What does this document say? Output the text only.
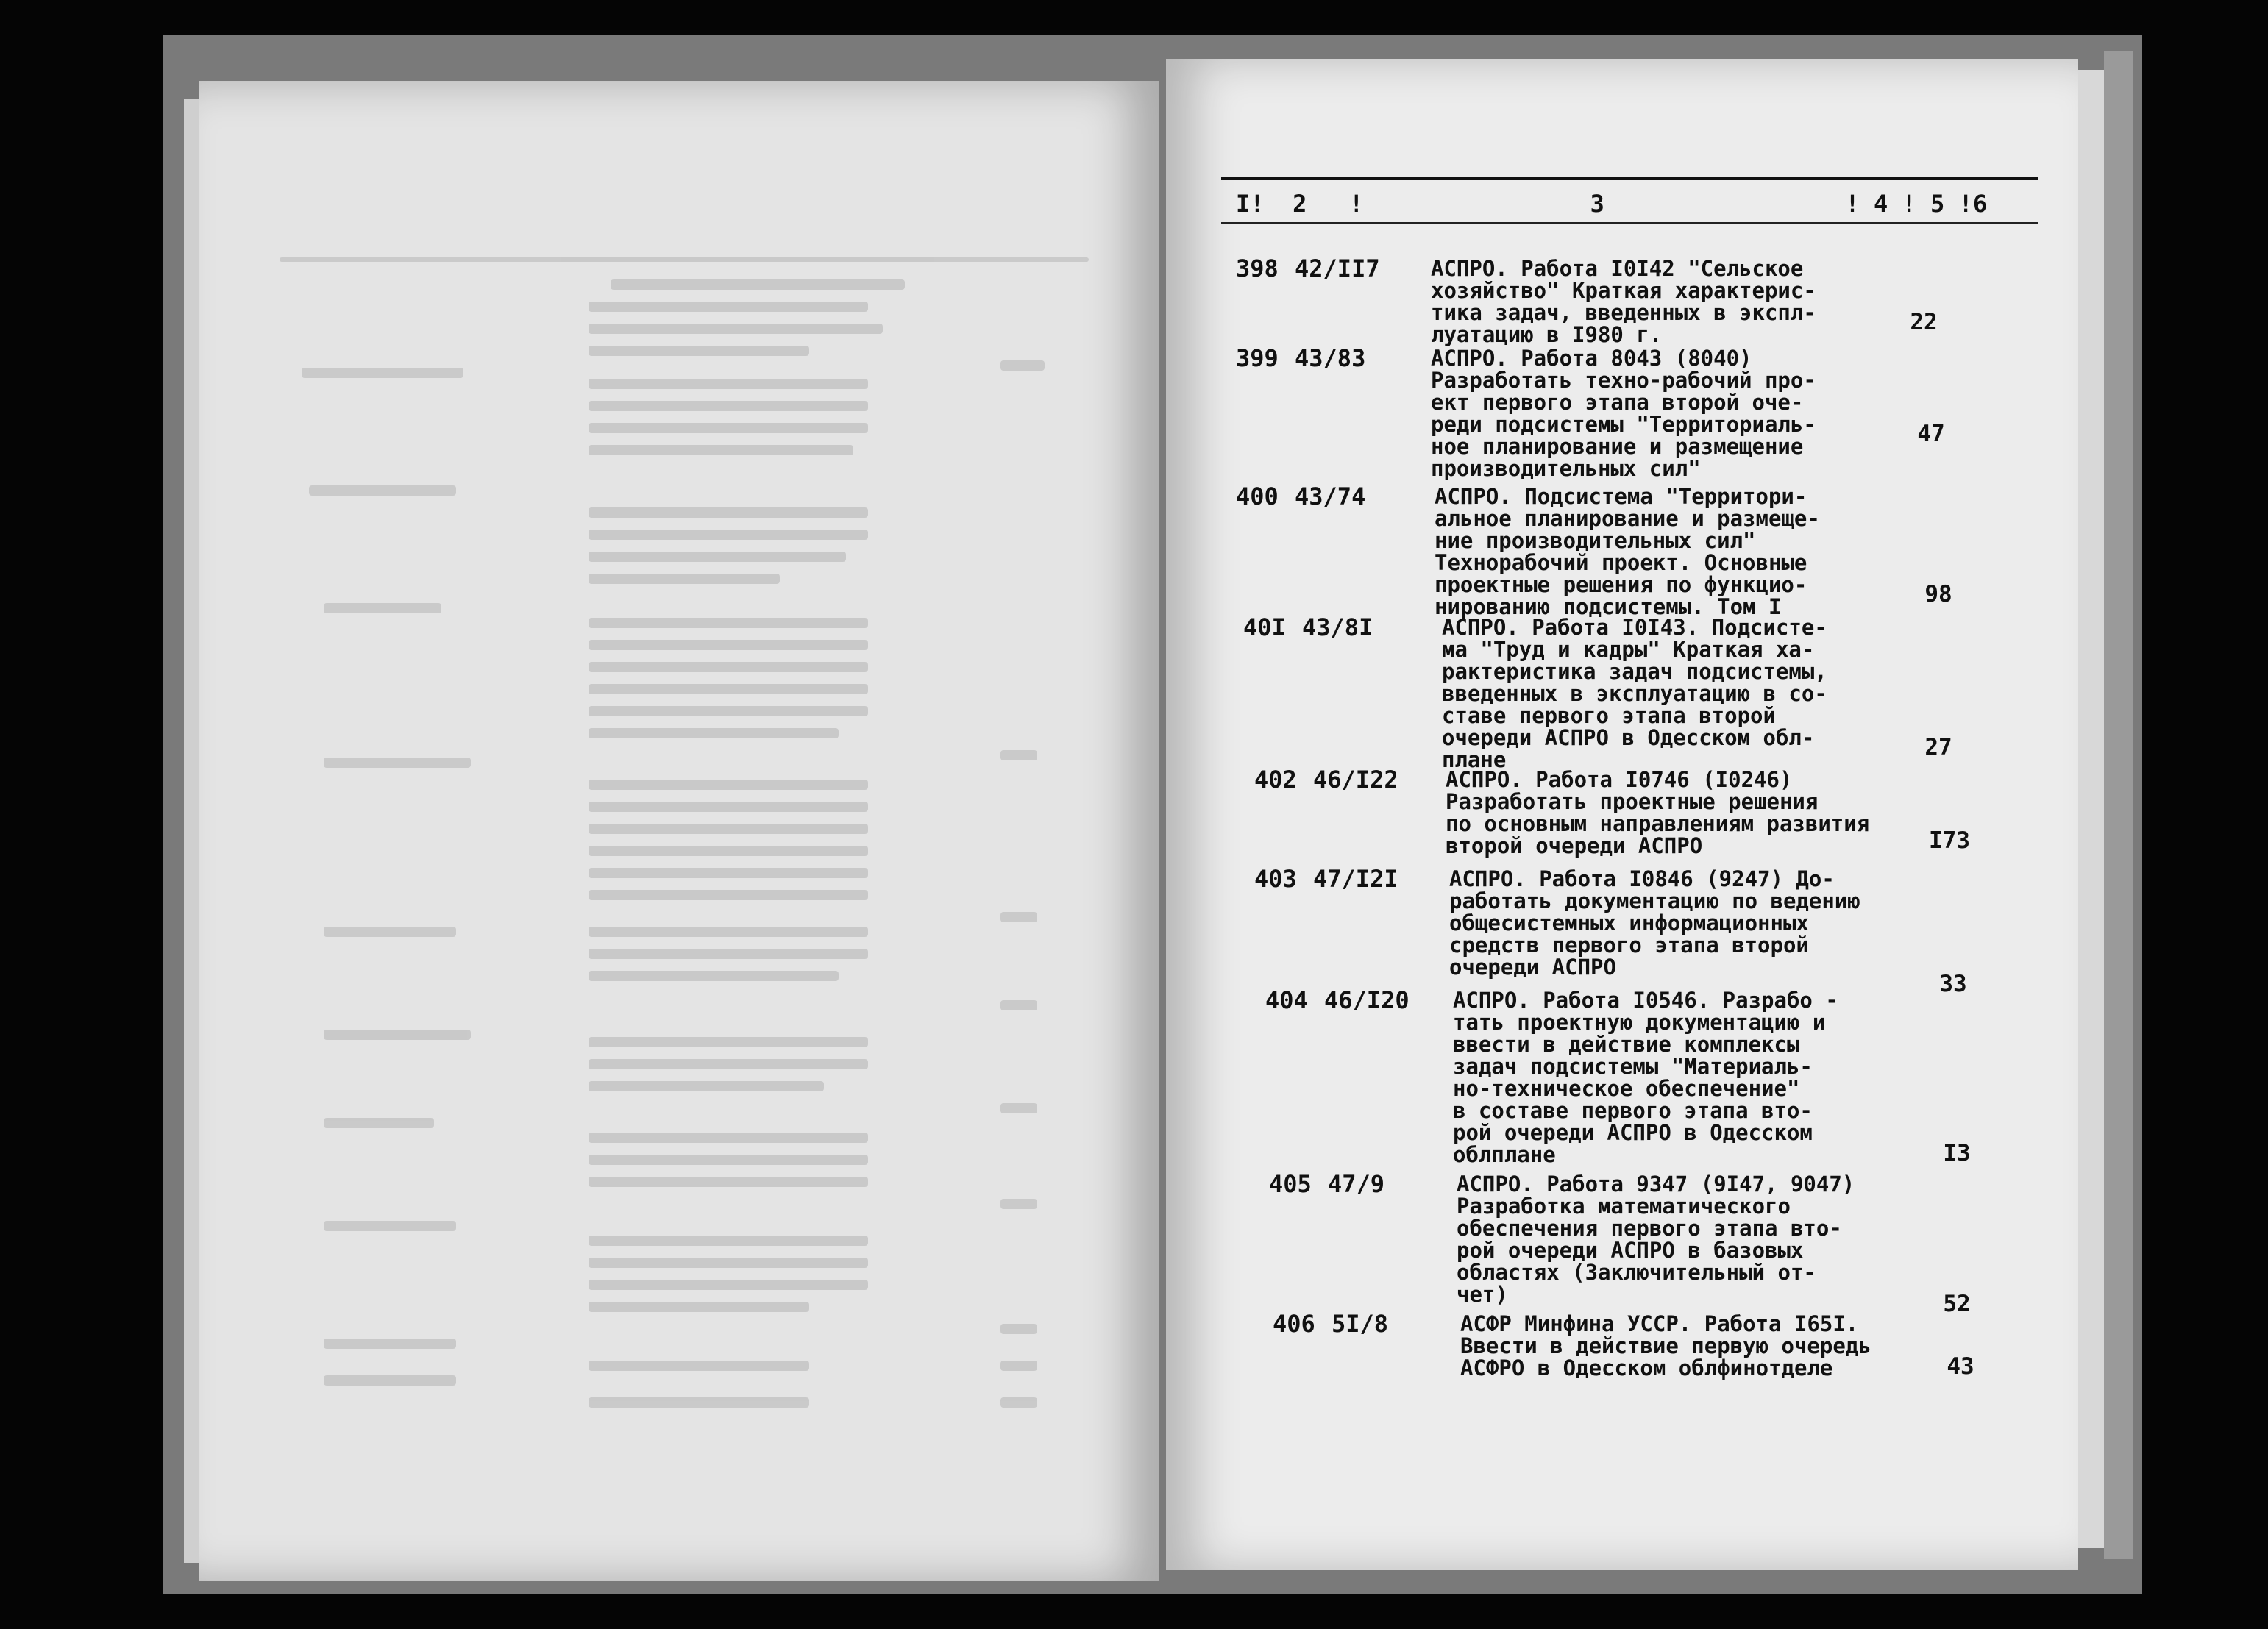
I!  2   !                3                 ! 4 ! 5 !6
398 42/II7 АСПРО. Работа I0I42 "Сельское
хозяйство" Краткая характерис-
тика задач, введенных в экспл-
луатацию в I980 г.	22
399 43/83	АСПРО. Работа 8043 (8040)
Разработать техно-рабочий про-
ект первого этапа второй оче-
реди подсистемы "Территориаль-
ное планирование и размещение
производительных сил"
47
400 43/74	АСПРО. Подсистема "Территори-
альное планирование и размеще-
ние производительных сил"
Технорабочий проект. Основные
проектные решения по функцио-
нированию подсистемы. Том I	98
40I 43/8I	АСПРО. Работа I0I43. Подсисте-
ма "Труд и кадры" Краткая ха-
рактеристика задач подсистемы,
введенных в эксплуатацию в со-
ставе первого этапа второй
очереди АСПРО в Одесском обл-
плане	27
402 46/I22 АСПРО. Работа I0746 (I0246)
Разработать проектные решения
по основным направлениям развития
второй очереди АСПРО	I73
403 47/I2I АСПРО. Работа I0846 (9247) До-
работать документацию по ведению
общесистемных информационных
средств первого этапа второй
очереди АСПРО
33
404 46/I20 АСПРО. Работа I0546. Разрабо -
тать проектную документацию и
ввести в действие комплексы
задач подсистемы "Материаль-
но-техническое обеспечение"
в составе первого этапа вто-
рой очереди АСПРО в Одесском
облплане	I3
405 47/9	АСПРО. Работа 9347 (9I47, 9047)
Разработка математического
обеспечения первого этапа вто-
рой очереди АСПРО в базовых
областях (Заключительный от-
чет)	52
406 5I/8	АСФР Минфина УССР. Работа I65I.
Ввести в действие первую очередь
АСФРО в Одесском облфинотделе	43
